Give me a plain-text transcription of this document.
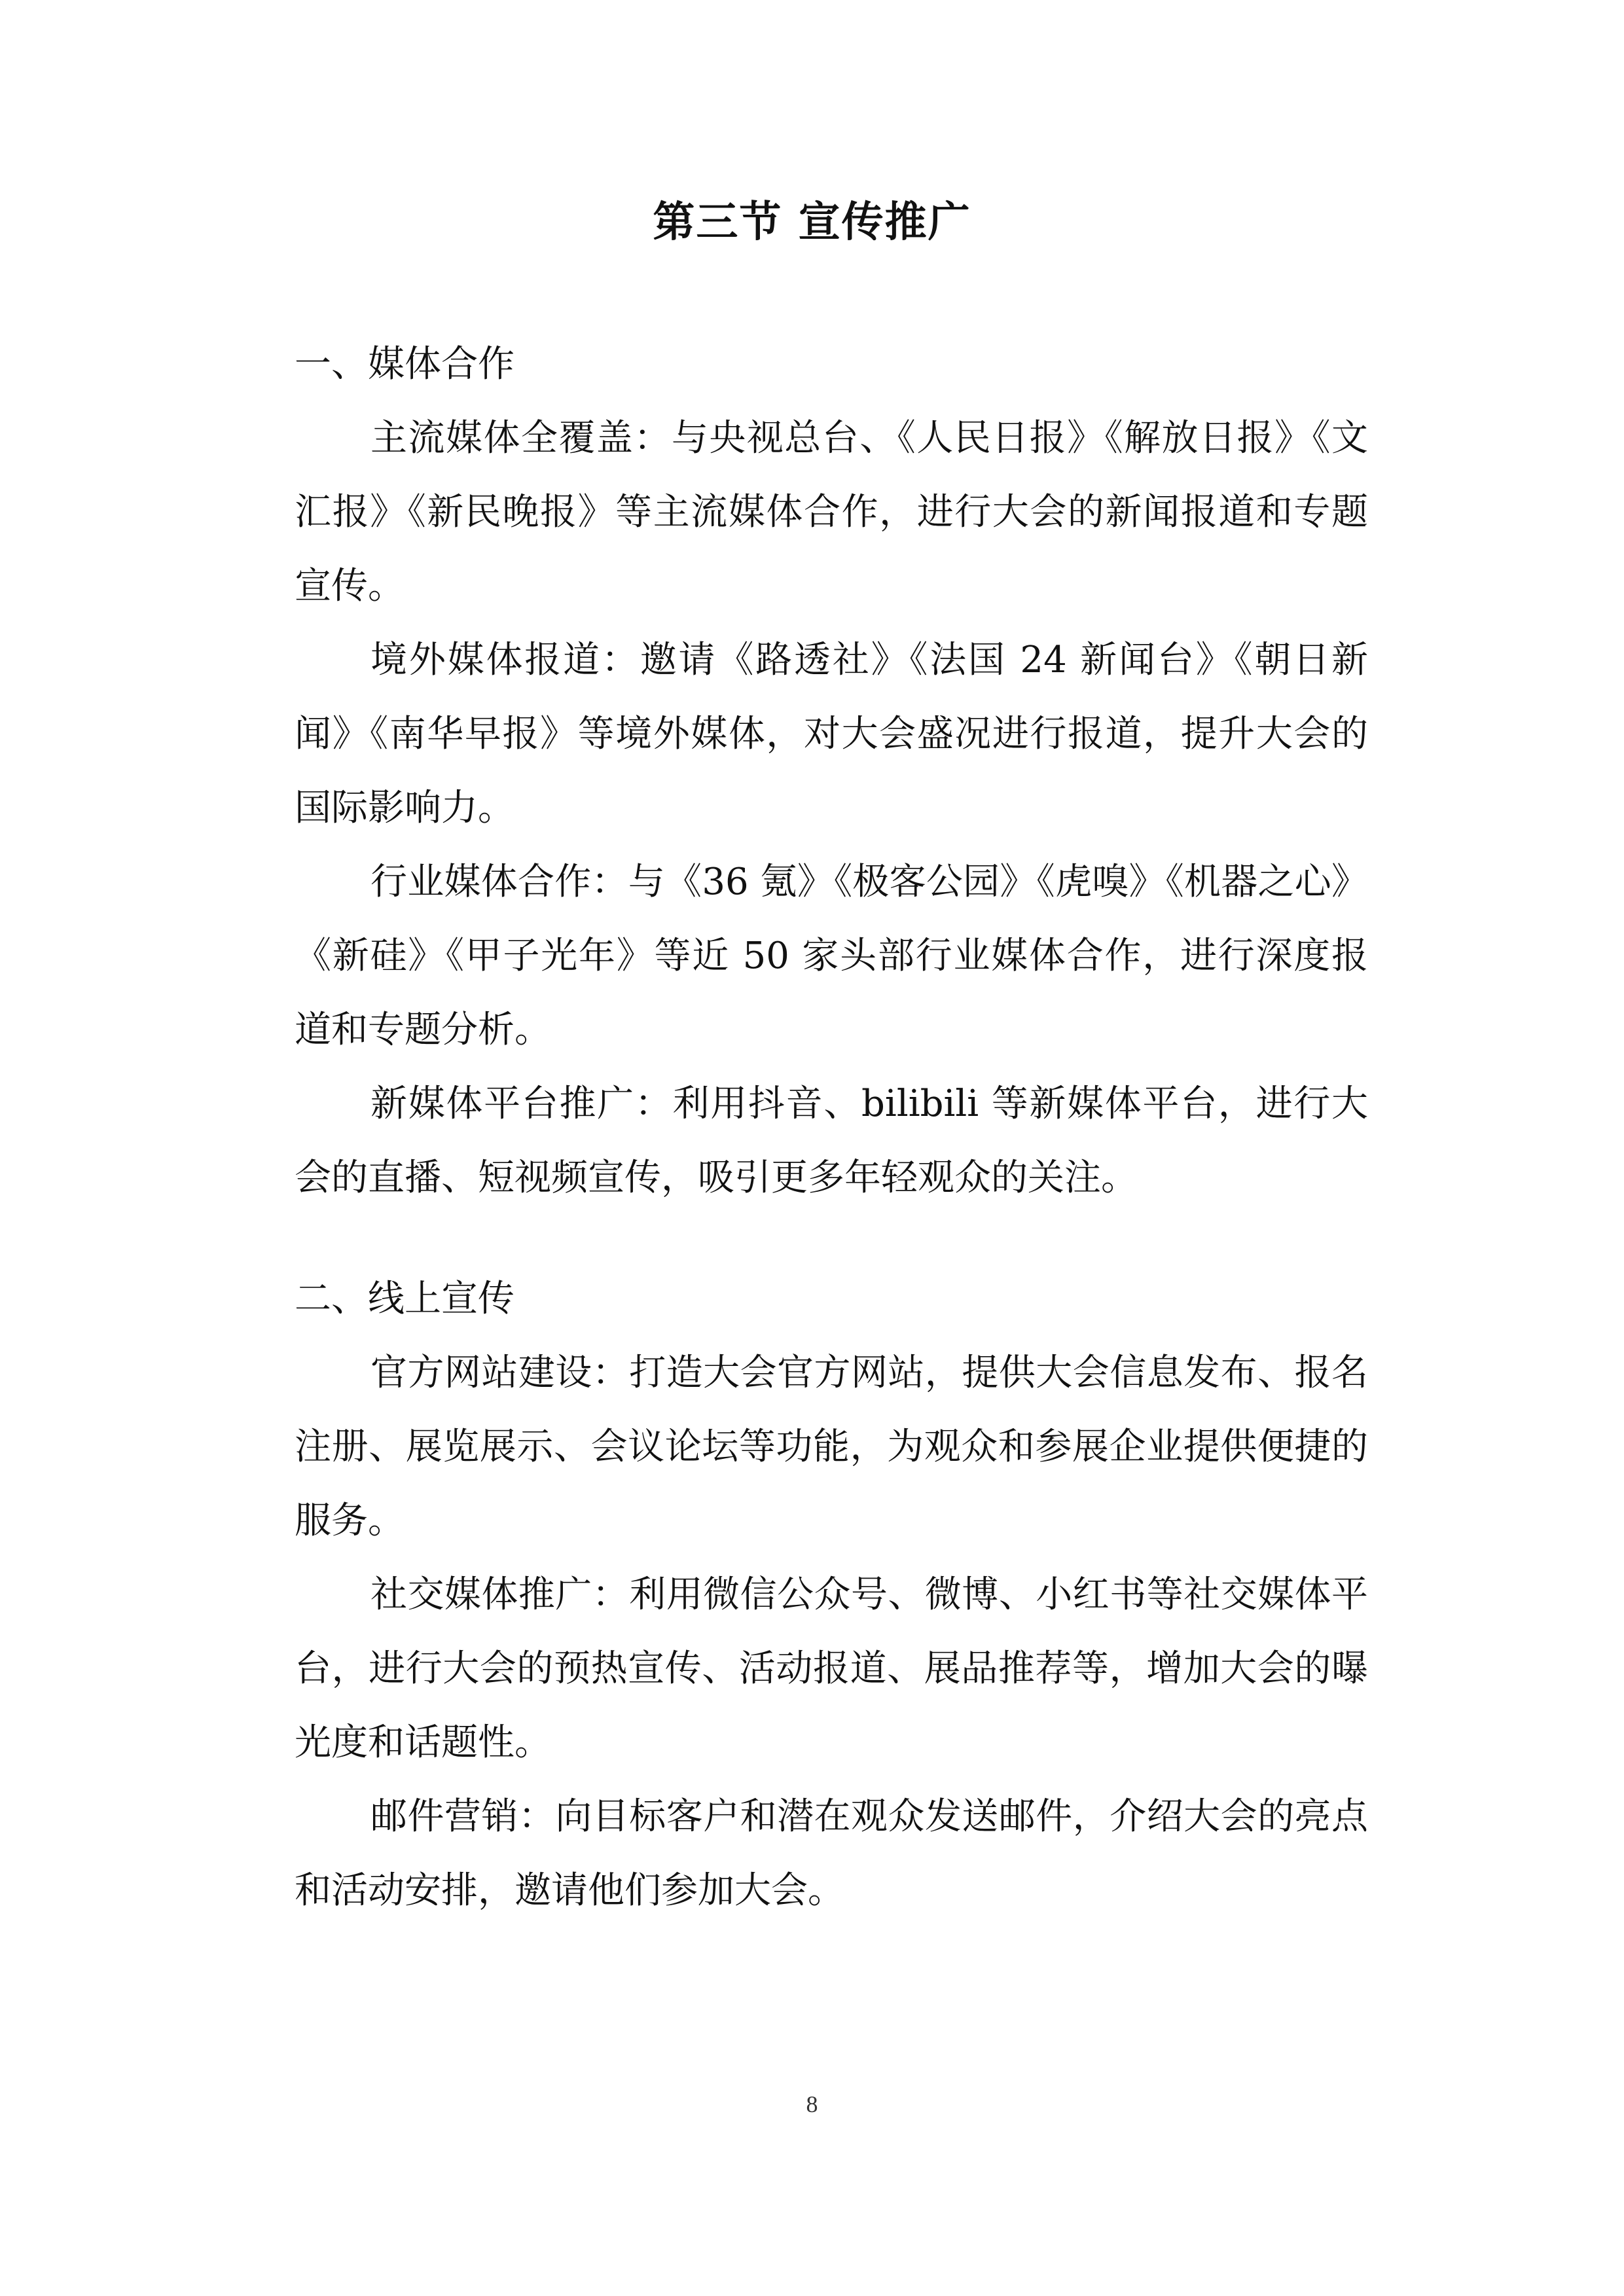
第三节 宣传推广

一、媒体合作

主流媒体全覆盖：与央视总台、《人民日报》《解放日报》《文汇报》《新民晚报》等主流媒体合作，进行大会的新闻报道和专题宣传。

境外媒体报道：邀请《路透社》《法国 24 新闻台》《朝日新闻》《南华早报》等境外媒体，对大会盛况进行报道，提升大会的国际影响力。

行业媒体合作：与《36 氪》《极客公园》《虎嗅》《机器之心》《新硅》《甲子光年》等近 50 家头部行业媒体合作，进行深度报道和专题分析。

新媒体平台推广：利用抖音、bilibili 等新媒体平台，进行大会的直播、短视频宣传，吸引更多年轻观众的关注。

二、线上宣传

官方网站建设：打造大会官方网站，提供大会信息发布、报名注册、展览展示、会议论坛等功能，为观众和参展企业提供便捷的服务。

社交媒体推广：利用微信公众号、微博、小红书等社交媒体平台，进行大会的预热宣传、活动报道、展品推荐等，增加大会的曝光度和话题性。

邮件营销：向目标客户和潜在观众发送邮件，介绍大会的亮点和活动安排，邀请他们参加大会。

8
